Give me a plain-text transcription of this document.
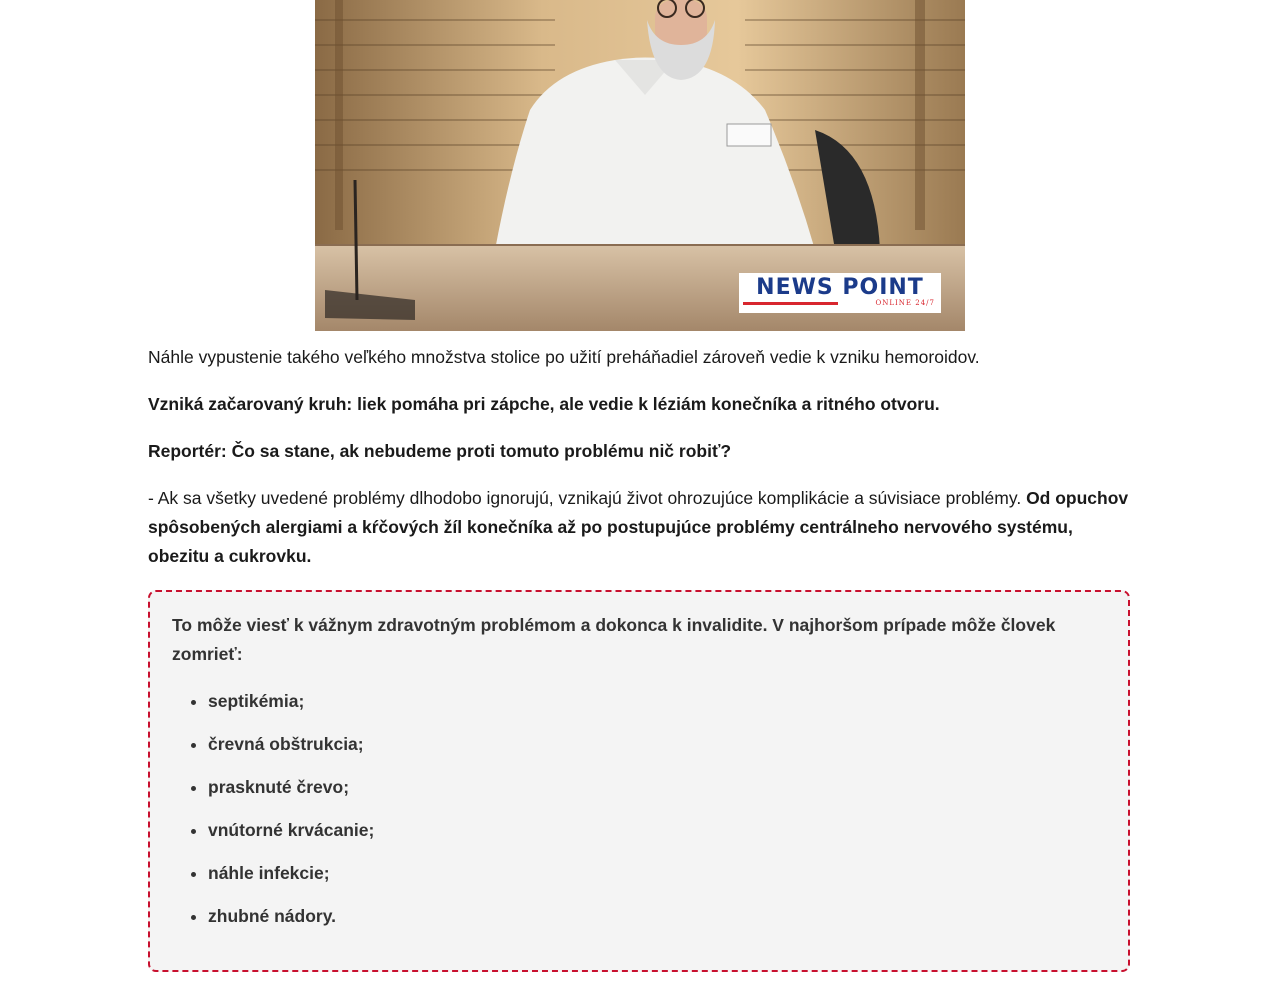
NEWS POINT
ONLINE 24/7

Náhle vypustenie takého veľkého množstva stolice po užití preháňadiel zároveň vedie k vzniku hemoroidov.

Vzniká začarovaný kruh: liek pomáha pri zápche, ale vedie k léziám konečníka a ritného otvoru.

Reportér: Čo sa stane, ak nebudeme proti tomuto problému nič robiť?

- Ak sa všetky uvedené problémy dlhodobo ignorujú, vznikajú život ohrozujúce komplikácie a súvisiace problémy. Od opuchov spôsobených alergiami a kŕčových žíl konečníka až po postupujúce problémy centrálneho nervového systému, obezitu a cukrovku.

To môže viesť k vážnym zdravotným problémom a dokonca k invalidite. V najhoršom prípade môže človek zomrieť:

• septikémia;
• črevná obštrukcia;
• prasknuté črevo;
• vnútorné krvácanie;
• náhle infekcie;
• zhubné nádory.
